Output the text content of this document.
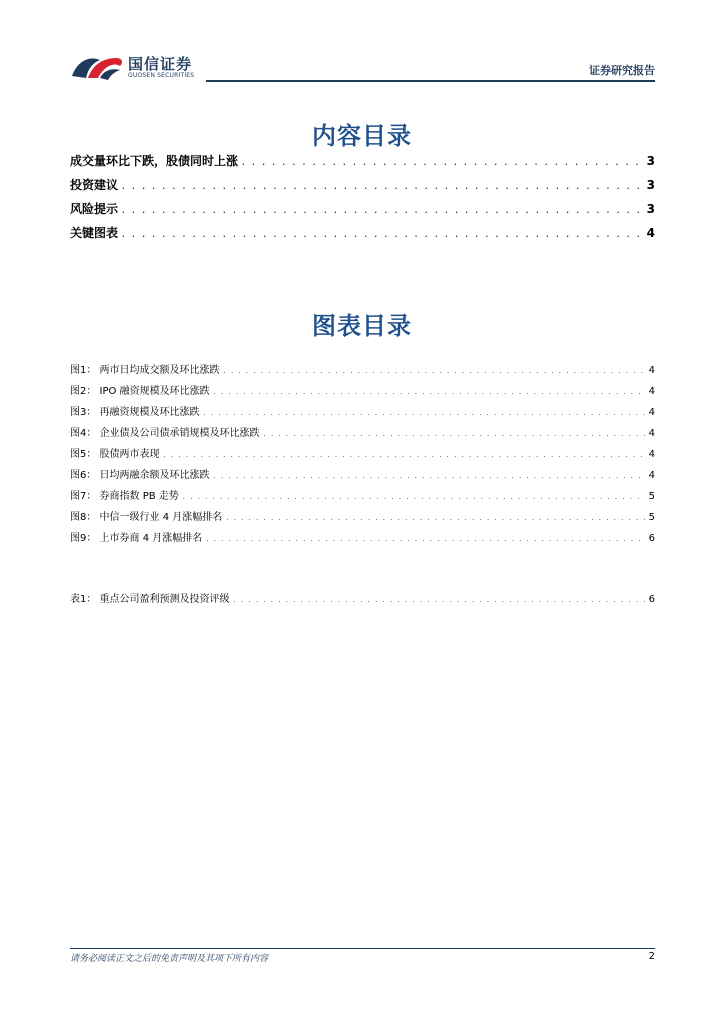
国信证券
GUOSEN SECURITIES	证券研究报告
内容目录
成交量环比下跌，股债同时上涨 . . .	3
投资建议 . . .	3
风险提示 . . .	3
关键图表 . . .	4
图表目录
图1： 两市日均成交额及环比涨跌 . . .	4
图2： IPO 融资规模及环比涨跌 . . .	4
图3： 再融资规模及环比涨跌 . . .	4
图4： 企业债及公司债承销规模及环比涨跌 . . .	4
图5： 股债两市表现 . . .	4
图6： 日均两融余额及环比涨跌 . . .	4
图7： 券商指数 PB 走势 . . .	5
图8： 中信一级行业 4 月涨幅排名 . . .	5
图9： 上市券商 4 月涨幅排名 . . .	6
表1： 重点公司盈利预测及投资评级 . . .	6
请务必阅读正文之后的免责声明及其项下所有内容	2
